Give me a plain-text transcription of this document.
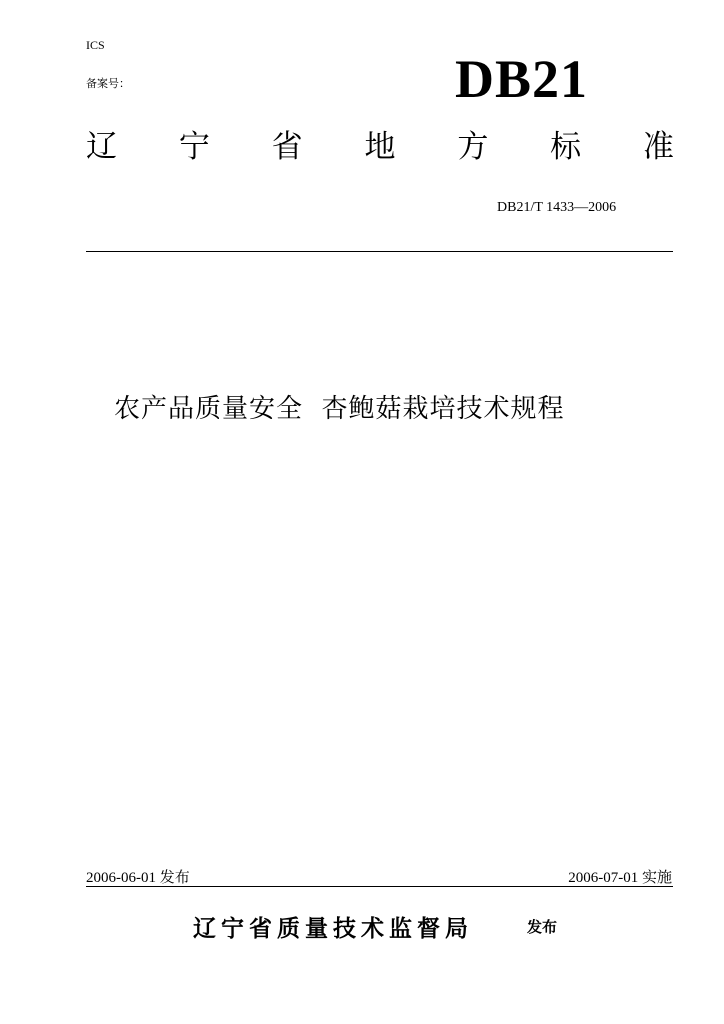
ICS
备案号：	DB21
辽 宁 省 地 方 标 准
DB21/T 1433—2006
农产品质量安全  杏鲍菇栽培技术规程
2006-06-01 发布	2006-07-01 实施
辽宁省质量技术监督局	发布
